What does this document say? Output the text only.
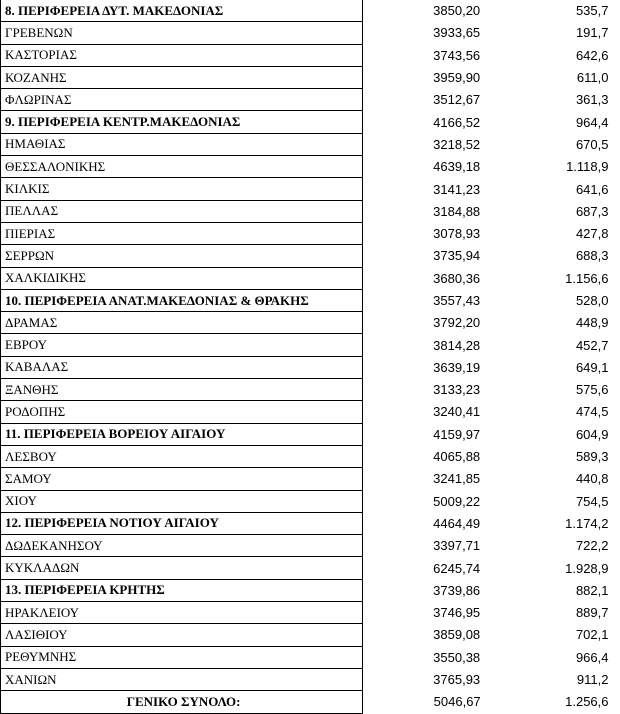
8. ΠΕΡΙΦΕΡΕΙΑ ΔΥΤ. ΜΑΚΕΔΟΝΙΑΣ	3850,20	535,7
ΓΡΕΒΕΝΩΝ	3933,65	191,7
ΚΑΣΤΟΡΙΑΣ	3743,56	642,6
ΚΟΖΑΝΗΣ	3959,90	611,0
ΦΛΩΡΙΝΑΣ	3512,67	361,3
9. ΠΕΡΙΦΕΡΕΙΑ ΚΕΝΤΡ.ΜΑΚΕΔΟΝΙΑΣ	4166,52	964,4
ΗΜΑΘΙΑΣ	3218,52	670,5
ΘΕΣΣΑΛΟΝΙΚΗΣ	4639,18	1.118,9
ΚΙΛΚΙΣ	3141,23	641,6
ΠΕΛΛΑΣ	3184,88	687,3
ΠΙΕΡΙΑΣ	3078,93	427,8
ΣΕΡΡΩΝ	3735,94	688,3
ΧΑΛΚΙΔΙΚΗΣ	3680,36	1.156,6
10. ΠΕΡΙΦΕΡΕΙΑ ΑΝΑΤ.ΜΑΚΕΔΟΝΙΑΣ & ΘΡΑΚΗΣ	3557,43	528,0
ΔΡΑΜΑΣ	3792,20	448,9
ΕΒΡΟΥ	3814,28	452,7
ΚΑΒΑΛΑΣ	3639,19	649,1
ΞΑΝΘΗΣ	3133,23	575,6
ΡΟΔΟΠΗΣ	3240,41	474,5
11. ΠΕΡΙΦΕΡΕΙΑ ΒΟΡΕΙΟΥ ΑΙΓΑΙΟΥ	4159,97	604,9
ΛΕΣΒΟΥ	4065,88	589,3
ΣΑΜΟΥ	3241,85	440,8
ΧΙΟΥ	5009,22	754,5
12. ΠΕΡΙΦΕΡΕΙΑ ΝΟΤΙΟΥ ΑΙΓΑΙΟΥ	4464,49	1.174,2
ΔΩΔΕΚΑΝΗΣΟΥ	3397,71	722,2
ΚΥΚΛΑΔΩΝ	6245,74	1.928,9
13. ΠΕΡΙΦΕΡΕΙΑ ΚΡΗΤΗΣ	3739,86	882,1
ΗΡΑΚΛΕΙΟΥ	3746,95	889,7
ΛΑΣΙΘΙΟΥ	3859,08	702,1
ΡΕΘΥΜΝΗΣ	3550,38	966,4
ΧΑΝΙΩΝ	3765,93	911,2
ΓΕΝΙΚΟ ΣΥΝΟΛΟ:	5046,67	1.256,6
